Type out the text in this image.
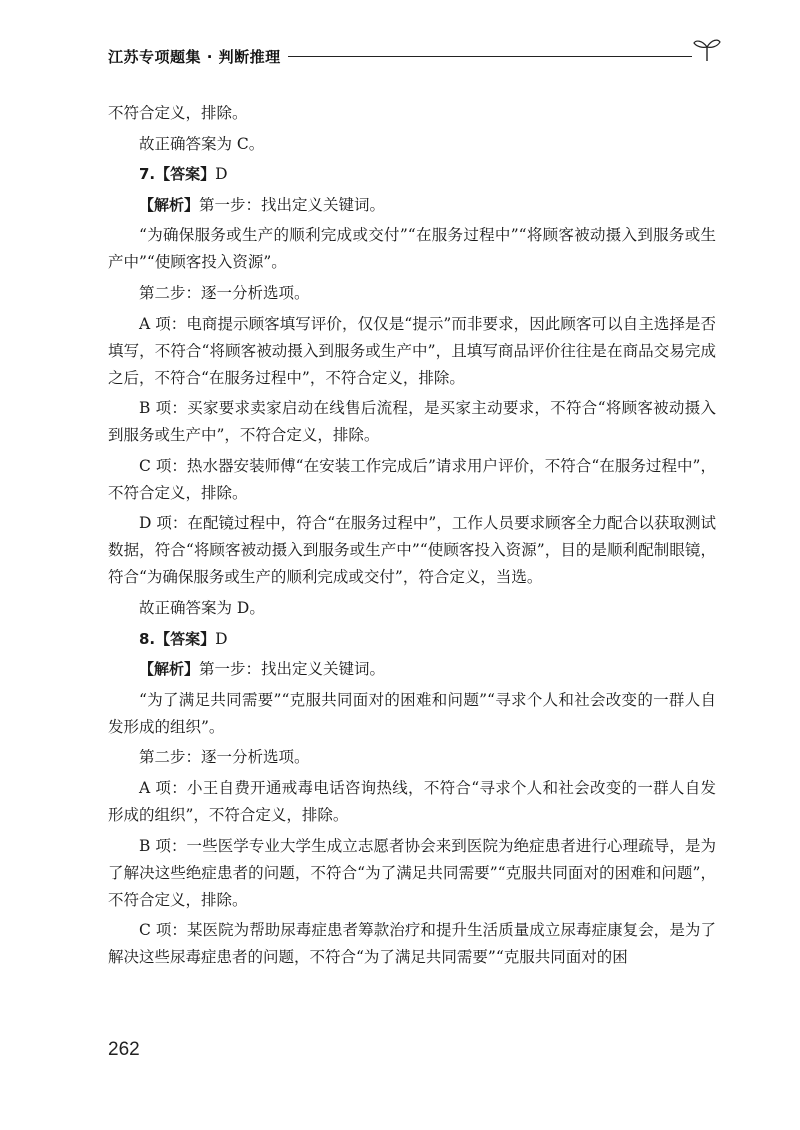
江苏专项题集 · 判断推理

不符合定义，排除。

故正确答案为 C。

7.【答案】D

【解析】第一步：找出定义关键词。

“为确保服务或生产的顺利完成或交付”“在服务过程中”“将顾客被动摄入到服务或生产中”“使顾客投入资源”。

第二步：逐一分析选项。

A 项：电商提示顾客填写评价，仅仅是“提示”而非要求，因此顾客可以自主选择是否填写，不符合“将顾客被动摄入到服务或生产中”，且填写商品评价往往是在商品交易完成之后，不符合“在服务过程中”，不符合定义，排除。

B 项：买家要求卖家启动在线售后流程，是买家主动要求，不符合“将顾客被动摄入到服务或生产中”，不符合定义，排除。

C 项：热水器安装师傅“在安装工作完成后”请求用户评价，不符合“在服务过程中”，不符合定义，排除。

D 项：在配镜过程中，符合“在服务过程中”，工作人员要求顾客全力配合以获取测试数据，符合“将顾客被动摄入到服务或生产中”“使顾客投入资源”，目的是顺利配制眼镜，符合“为确保服务或生产的顺利完成或交付”，符合定义，当选。

故正确答案为 D。

8.【答案】D

【解析】第一步：找出定义关键词。

“为了满足共同需要”“克服共同面对的困难和问题”“寻求个人和社会改变的一群人自发形成的组织”。

第二步：逐一分析选项。

A 项：小王自费开通戒毒电话咨询热线，不符合“寻求个人和社会改变的一群人自发形成的组织”，不符合定义，排除。

B 项：一些医学专业大学生成立志愿者协会来到医院为绝症患者进行心理疏导，是为了解决这些绝症患者的问题，不符合“为了满足共同需要”“克服共同面对的困难和问题”，不符合定义，排除。

C 项：某医院为帮助尿毒症患者筹款治疗和提升生活质量成立尿毒症康复会，是为了解决这些尿毒症患者的问题，不符合“为了满足共同需要”“克服共同面对的困

262
